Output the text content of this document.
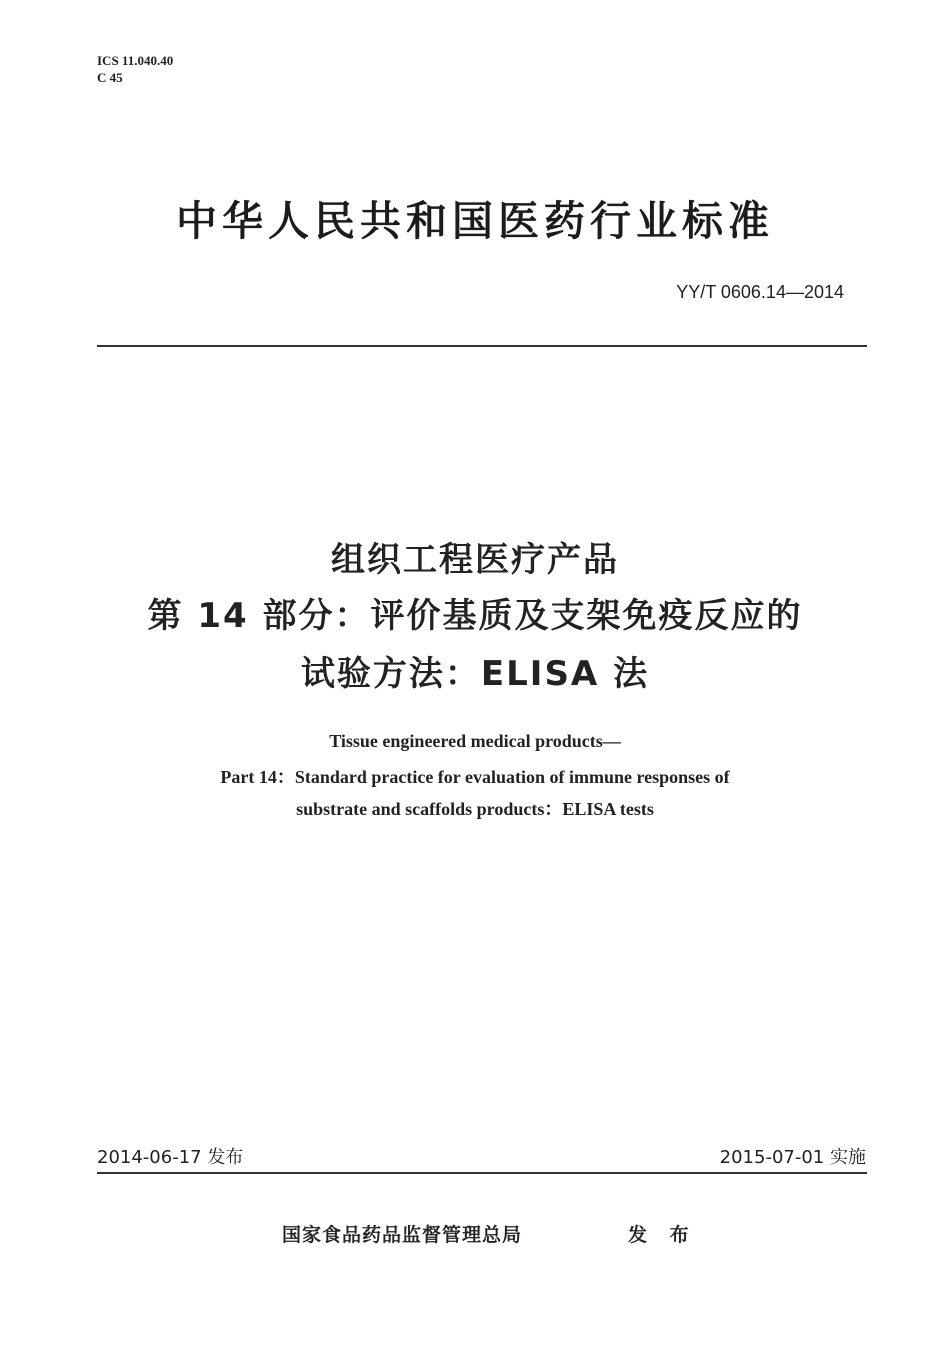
ICS 11.040.40
C 45
中华人民共和国医药行业标准
YY/T 0606.14—2014
组织工程医疗产品
第 14 部分：评价基质及支架免疫反应的
试验方法：ELISA 法
Tissue engineered medical products—
Part 14：Standard practice for evaluation of immune responses of
substrate and scaffolds products：ELISA tests
2014-06-17 发布	2015-07-01 实施
国家食品药品监督管理总局	发 布
